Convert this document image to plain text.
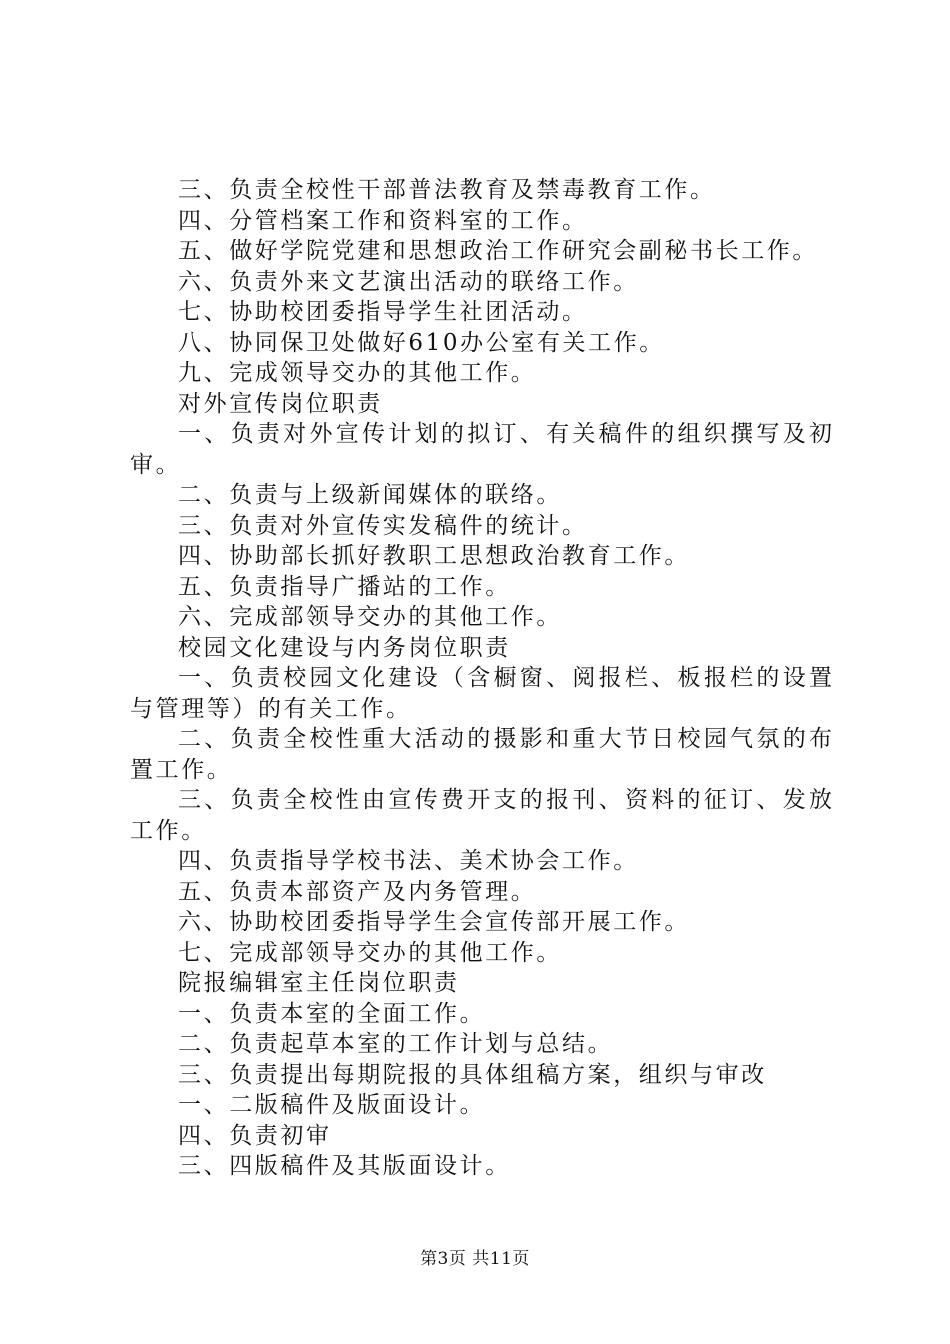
三、负责全校性干部普法教育及禁毒教育工作。
四、分管档案工作和资料室的工作。
五、做好学院党建和思想政治工作研究会副秘书长工作。
六、负责外来文艺演出活动的联络工作。
七、协助校团委指导学生社团活动。
八、协同保卫处做好610办公室有关工作。
九、完成领导交办的其他工作。
对外宣传岗位职责
一、负责对外宣传计划的拟订、有关稿件的组织撰写及初
审。
二、负责与上级新闻媒体的联络。
三、负责对外宣传实发稿件的统计。
四、协助部长抓好教职工思想政治教育工作。
五、负责指导广播站的工作。
六、完成部领导交办的其他工作。
校园文化建设与内务岗位职责
一、负责校园文化建设（含橱窗、阅报栏、板报栏的设置
与管理等）的有关工作。
二、负责全校性重大活动的摄影和重大节日校园气氛的布
置工作。
三、负责全校性由宣传费开支的报刊、资料的征订、发放
工作。
四、负责指导学校书法、美术协会工作。
五、负责本部资产及内务管理。
六、协助校团委指导学生会宣传部开展工作。
七、完成部领导交办的其他工作。
院报编辑室主任岗位职责
一、负责本室的全面工作。
二、负责起草本室的工作计划与总结。
三、负责提出每期院报的具体组稿方案，组织与审改
一、二版稿件及版面设计。
四、负责初审
三、四版稿件及其版面设计。
第3页 共11页
